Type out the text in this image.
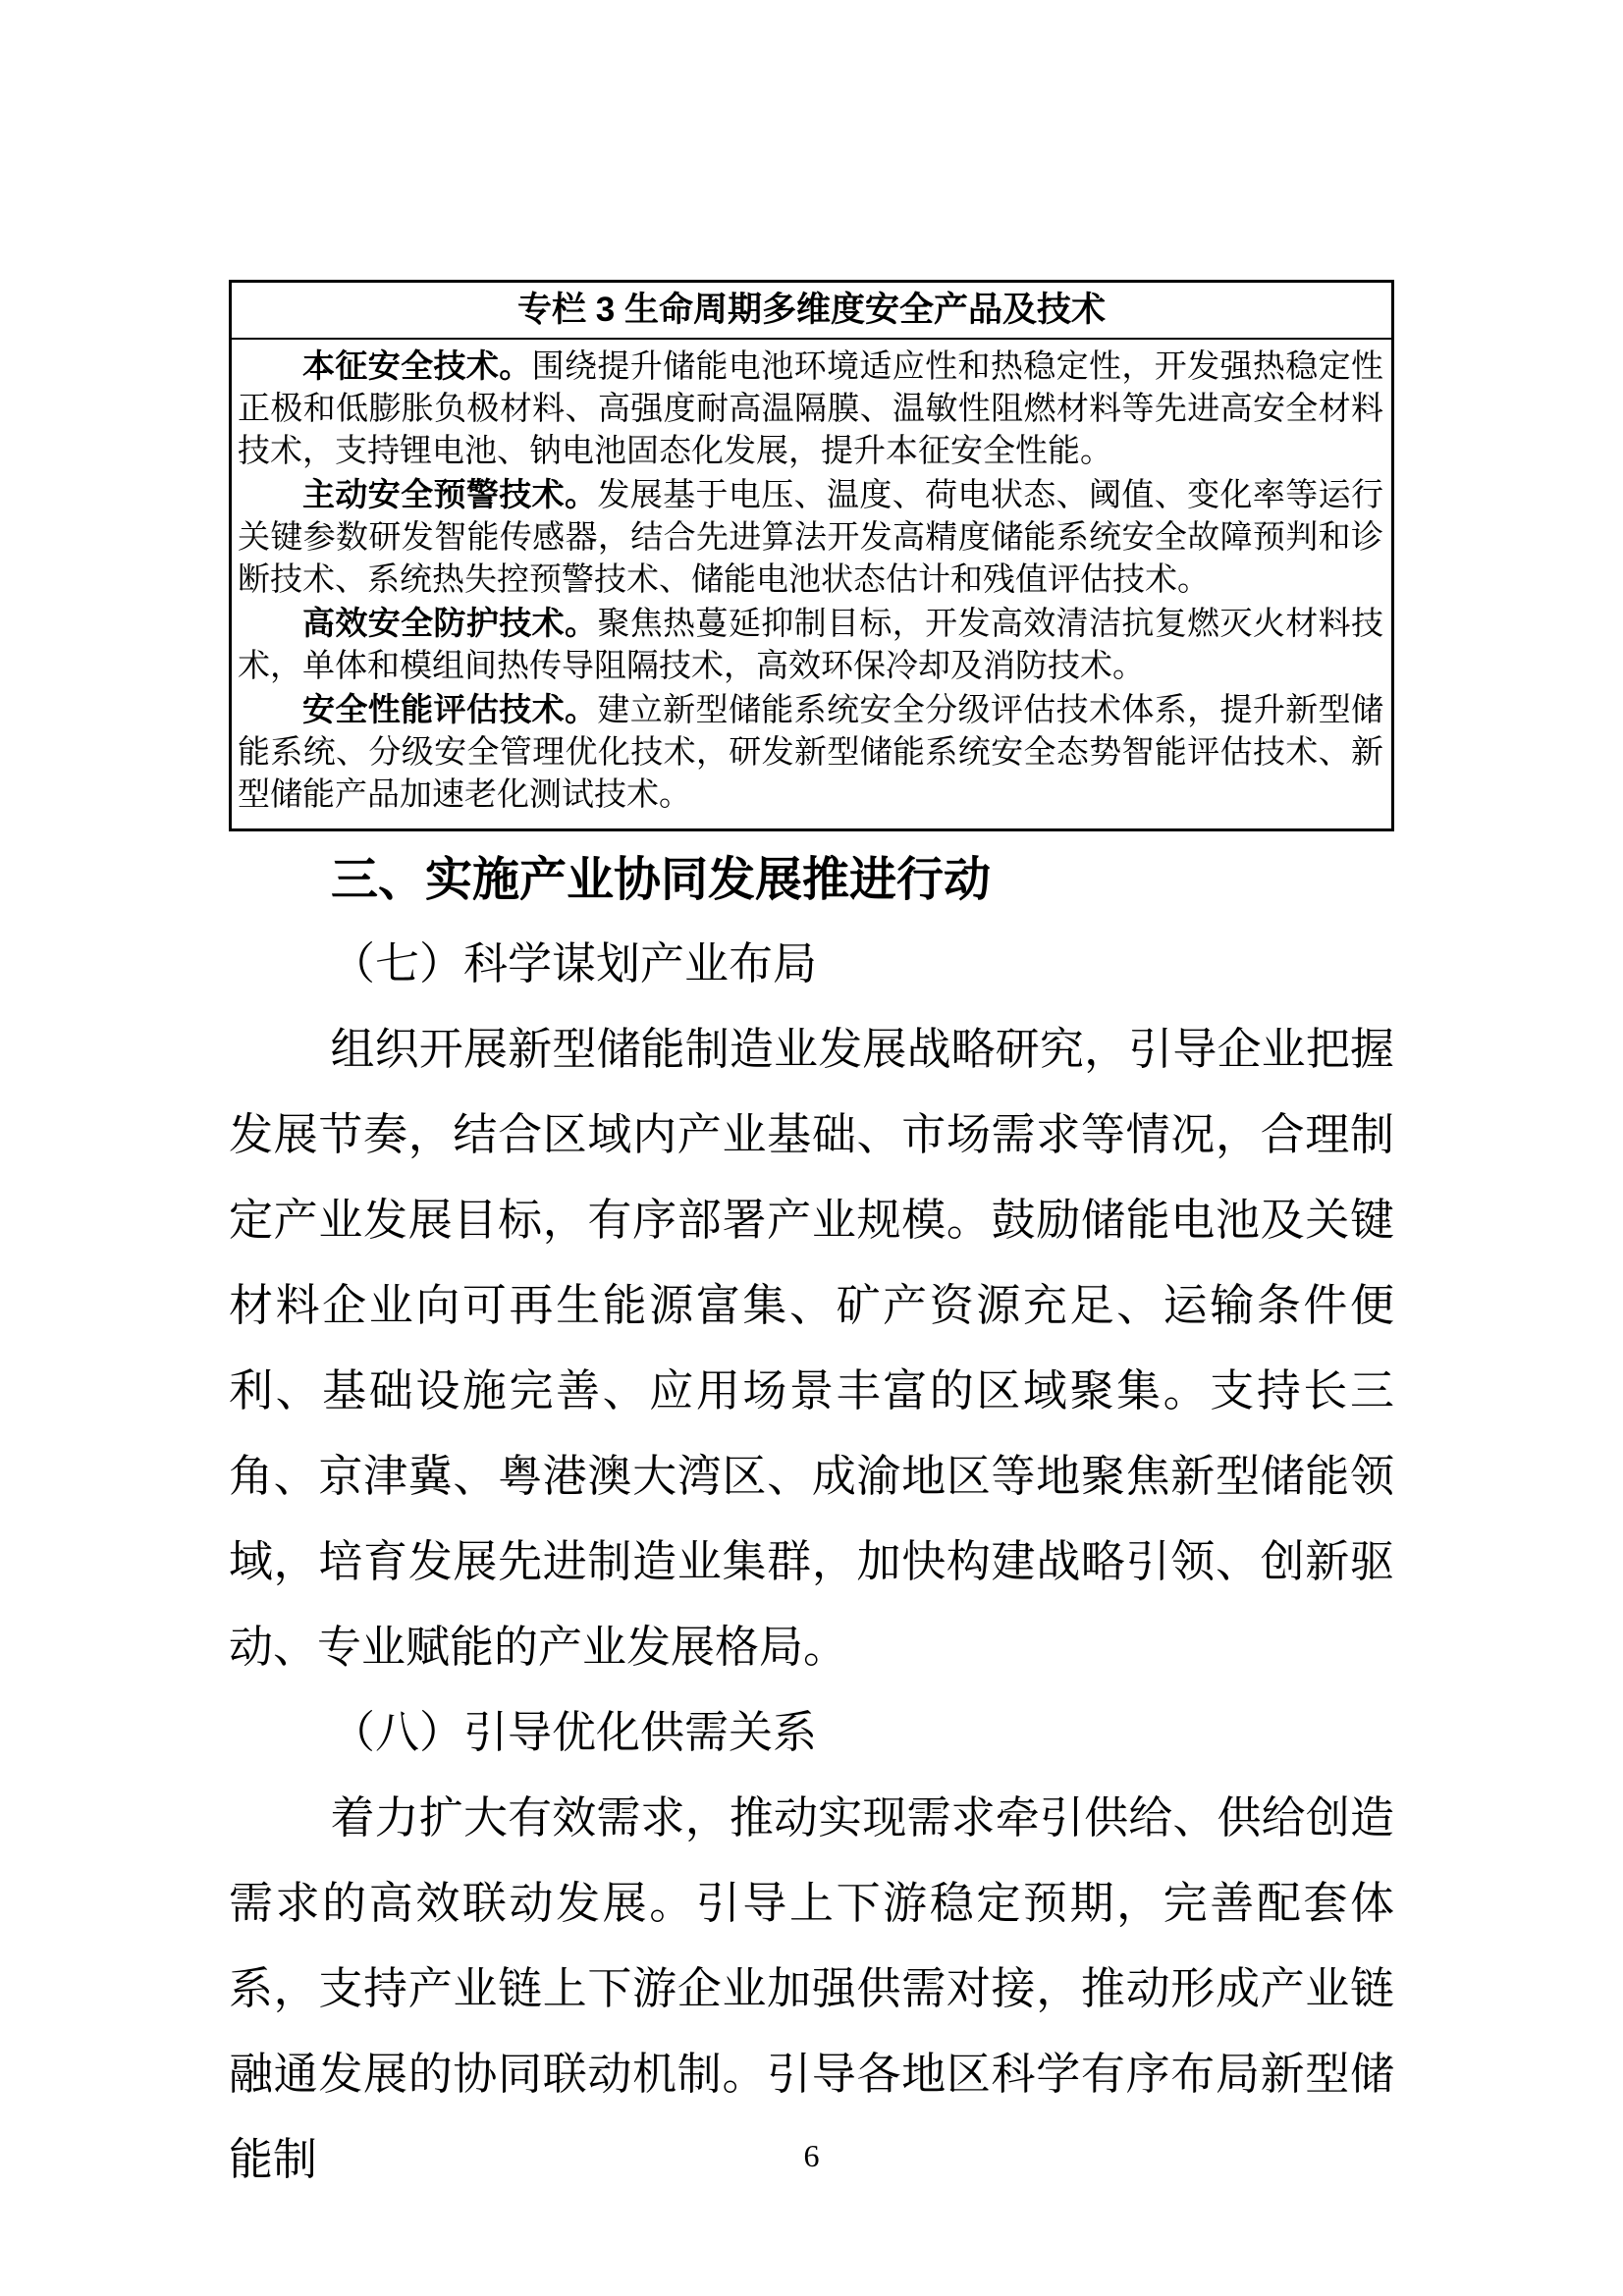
专栏 3 生命周期多维度安全产品及技术

本征安全技术。围绕提升储能电池环境适应性和热稳定性，开发强热稳定性正极和低膨胀负极材料、高强度耐高温隔膜、温敏性阻燃材料等先进高安全材料技术，支持锂电池、钠电池固态化发展，提升本征安全性能。

主动安全预警技术。发展基于电压、温度、荷电状态、阈值、变化率等运行关键参数研发智能传感器，结合先进算法开发高精度储能系统安全故障预判和诊断技术、系统热失控预警技术、储能电池状态估计和残值评估技术。

高效安全防护技术。聚焦热蔓延抑制目标，开发高效清洁抗复燃灭火材料技术，单体和模组间热传导阻隔技术，高效环保冷却及消防技术。

安全性能评估技术。建立新型储能系统安全分级评估技术体系，提升新型储能系统、分级安全管理优化技术，研发新型储能系统安全态势智能评估技术、新型储能产品加速老化测试技术。

三、实施产业协同发展推进行动
（七）科学谋划产业布局

组织开展新型储能制造业发展战略研究，引导企业把握发展节奏，结合区域内产业基础、市场需求等情况，合理制定产业发展目标，有序部署产业规模。鼓励储能电池及关键材料企业向可再生能源富集、矿产资源充足、运输条件便利、基础设施完善、应用场景丰富的区域聚集。支持长三角、京津冀、粤港澳大湾区、成渝地区等地聚焦新型储能领域，培育发展先进制造业集群，加快构建战略引领、创新驱动、专业赋能的产业发展格局。

（八）引导优化供需关系

着力扩大有效需求，推动实现需求牵引供给、供给创造需求的高效联动发展。引导上下游稳定预期，完善配套体系，支持产业链上下游企业加强供需对接，推动形成产业链融通发展的协同联动机制。引导各地区科学有序布局新型储能制	6
